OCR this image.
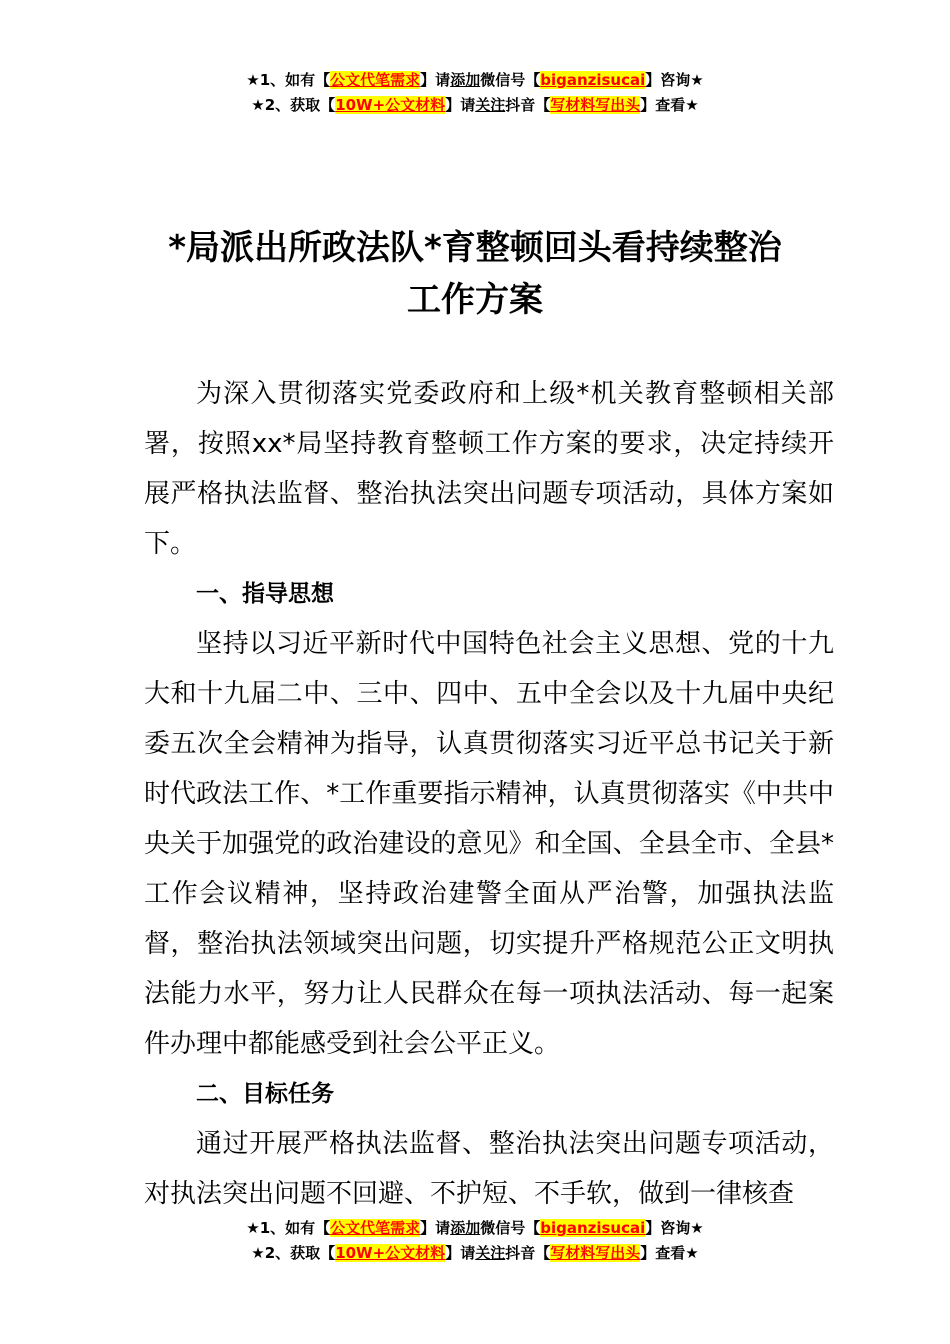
★1、如有【公文代笔需求】请添加微信号【biganzisucai】咨询★
★2、获取【10W+公文材料】请关注抖音【写材料写出头】查看★
*局派出所政法队*育整顿回头看持续整治
工作方案

为深入贯彻落实党委政府和上级*机关教育整顿相关部署，按照xx*局坚持教育整顿工作方案的要求，决定持续开展严格执法监督、整治执法突出问题专项活动，具体方案如下。

一、指导思想

坚持以习近平新时代中国特色社会主义思想、党的十九大和十九届二中、三中、四中、五中全会以及十九届中央纪委五次全会精神为指导，认真贯彻落实习近平总书记关于新时代政法工作、*工作重要指示精神，认真贯彻落实《中共中央关于加强党的政治建设的意见》和全国、全县全市、全县*工作会议精神，坚持政治建警全面从严治警，加强执法监督，整治执法领域突出问题，切实提升严格规范公正文明执法能力水平，努力让人民群众在每一项执法活动、每一起案件办理中都能感受到社会公平正义。

二、目标任务

通过开展严格执法监督、整治执法突出问题专项活动，对执法突出问题不回避、不护短、不手软，做到一律核查

★1、如有【公文代笔需求】请添加微信号【biganzisucai】咨询★
★2、获取【10W+公文材料】请关注抖音【写材料写出头】查看★
